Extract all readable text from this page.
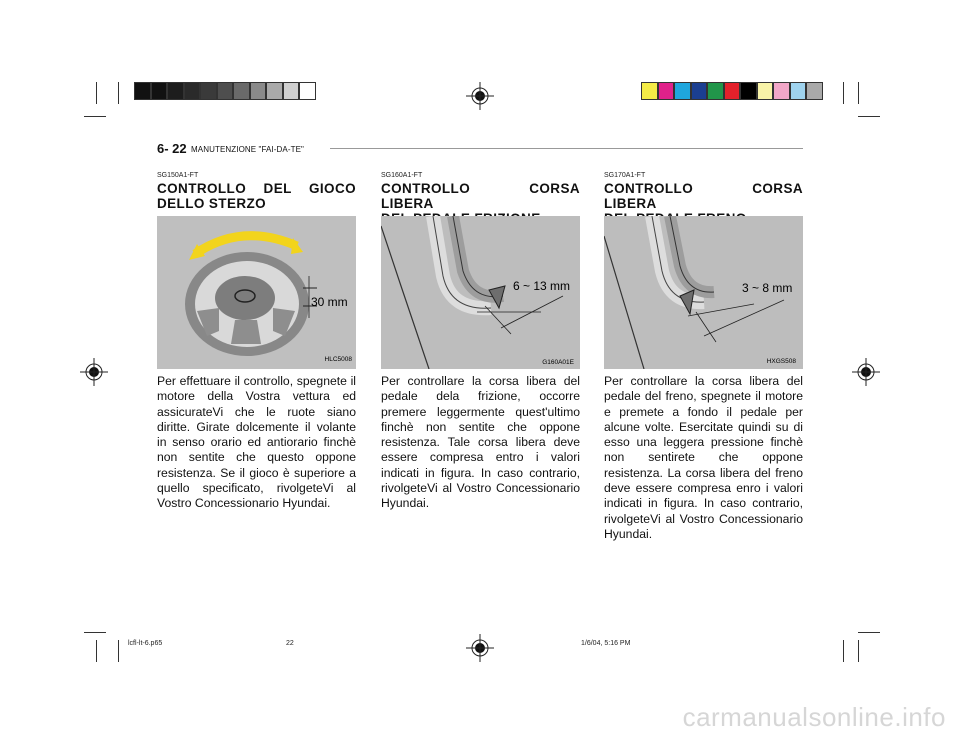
6- 22 MANUTENZIONE "FAI-DA-TE"
SG150A1-FT
CONTROLLO DEL GIOCO
DELLO STERZO
30 mm
HLC5008
Per effettuare il controllo, spegnete il motore della Vostra vettura ed assicurateVi che le ruote siano diritte. Girate dolcemente il volante in senso orario ed antiorario finchè non sentite che questo oppone resistenza. Se il gioco è superiore a quello specificato, rivolgeteVi al Vostro Concessionario Hyundai.
SG160A1-FT
CONTROLLO CORSA LIBERA
6 ~ 13 mm
G160A01E
Per controllare la corsa libera del pedale dela frizione, occorre premere leggermente quest'ultimo finchè non sentite che oppone resistenza. Tale corsa libera deve essere compresa entro i valori indicati in figura. In caso contrario, rivolgeteVi al Vostro Concessionario Hyundai.
SG170A1-FT
CONTROLLO CORSA LIBERA
3 ~ 8 mm
HXGS508
Per controllare la corsa libera del pedale del freno, spegnete il motore e premete a fondo il pedale per alcune volte. Esercitate quindi su di esso una leggera pressione finchè non sentirete che oppone resistenza. La corsa libera del freno deve essere compresa enro i valori indicati in figura. In caso contrario, rivolgeteVi al Vostro Concessionario Hyundai.
lcfl-lt-6.p65	22	1/6/04, 5:16 PM
carmanualsonline.info
